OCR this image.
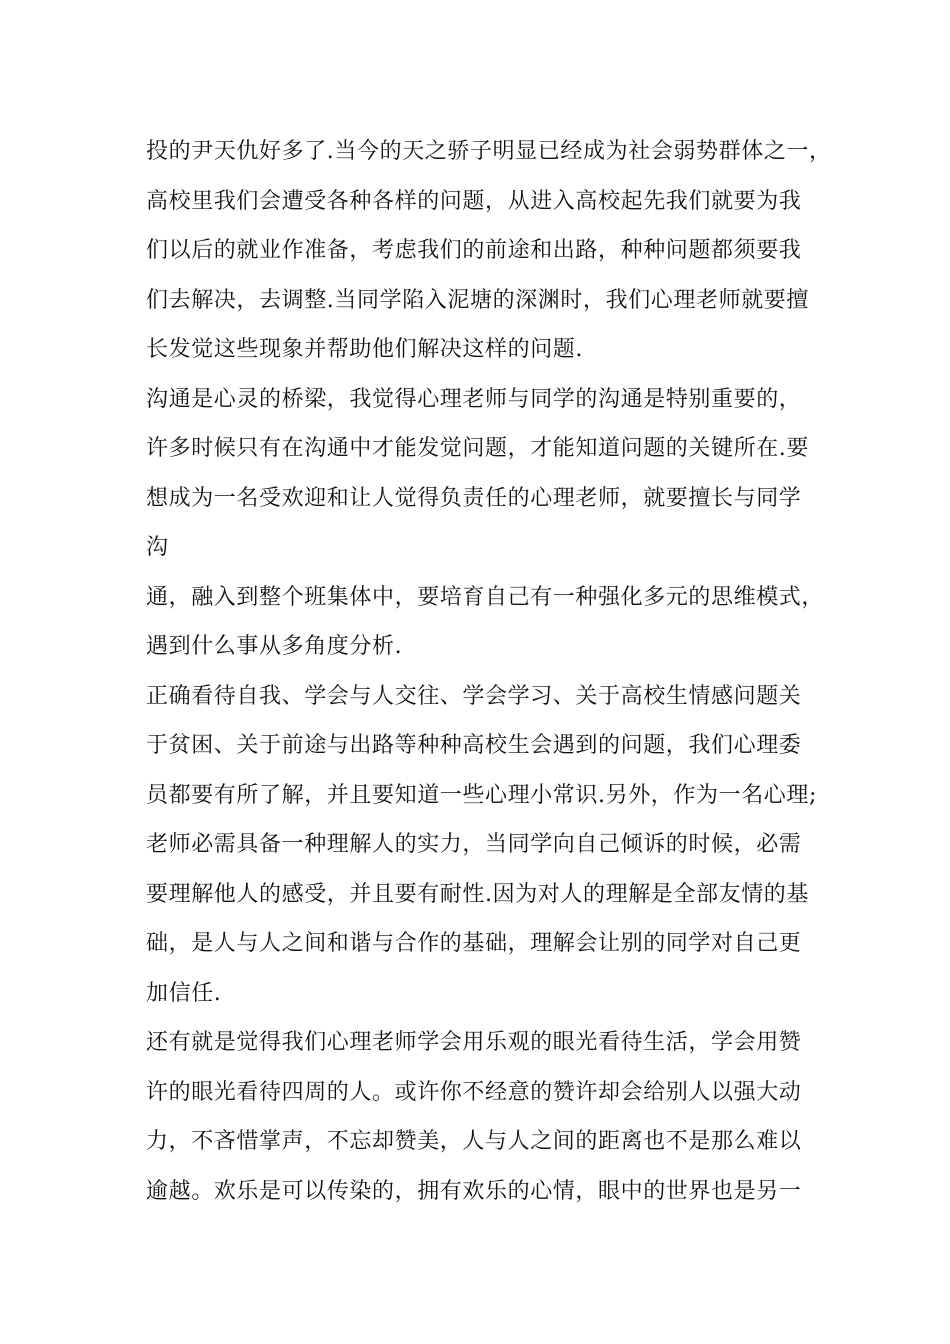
投的尹天仇好多了.当今的天之骄子明显已经成为社会弱势群体之一，
高校里我们会遭受各种各样的问题，从进入高校起先我们就要为我
们以后的就业作准备，考虑我们的前途和出路，种种问题都须要我
们去解决，去调整.当同学陷入泥塘的深渊时，我们心理老师就要擅
长发觉这些现象并帮助他们解决这样的问题.
沟通是心灵的桥梁，我觉得心理老师与同学的沟通是特别重要的，
许多时候只有在沟通中才能发觉问题，才能知道问题的关键所在.要
想成为一名受欢迎和让人觉得负责任的心理老师，就要擅长与同学
沟
通，融入到整个班集体中，要培育自己有一种强化多元的思维模式，
遇到什么事从多角度分析.
正确看待自我、学会与人交往、学会学习、关于高校生情感问题关
于贫困、关于前途与出路等种种高校生会遇到的问题，我们心理委
员都要有所了解，并且要知道一些心理小常识.另外，作为一名心理;
老师必需具备一种理解人的实力，当同学向自己倾诉的时候，必需
要理解他人的感受，并且要有耐性.因为对人的理解是全部友情的基
础，是人与人之间和谐与合作的基础，理解会让别的同学对自己更
加信任.
还有就是觉得我们心理老师学会用乐观的眼光看待生活，学会用赞
许的眼光看待四周的人。或许你不经意的赞许却会给别人以强大动
力，不吝惜掌声，不忘却赞美，人与人之间的距离也不是那么难以
逾越。欢乐是可以传染的，拥有欢乐的心情，眼中的世界也是另一
